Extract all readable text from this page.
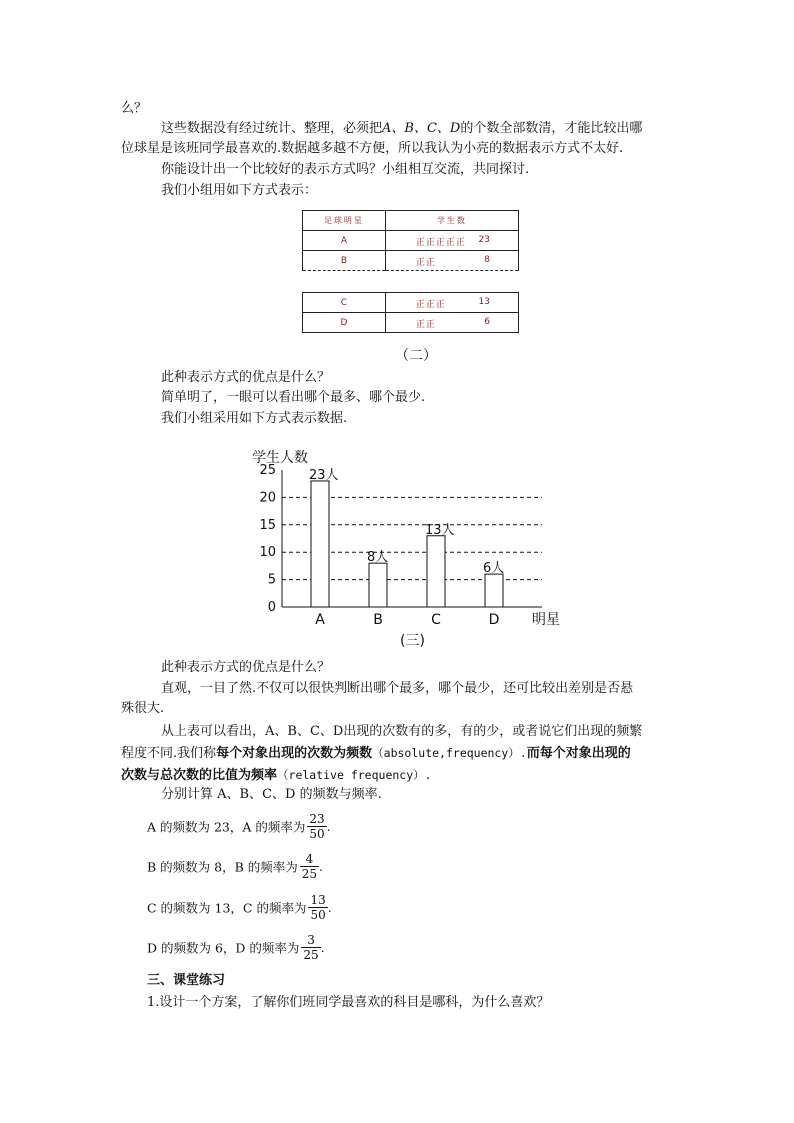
么？
这些数据没有经过统计、整理，必须把A、B、C、D的个数全部数清，才能比较出哪
位球星是该班同学最喜欢的.数据越多越不方便，所以我认为小亮的数据表示方式不太好.
你能设计出一个比较好的表示方式吗？小组相互交流，共同探讨.
我们小组用如下方式表示：
足球明星	学生数
A	正正正正正 23

B	正正 8
C	正正正 13

D	正正 6
（二）
此种表示方式的优点是什么？
简单明了，一眼可以看出哪个最多、哪个最少.
我们小组采用如下方式表示数据.
学生人数
明星
(三)
0
5
10
15
20
25	23人
A
8人
B
13人
C
6人
D
此种表示方式的优点是什么？
直观，一目了然.不仅可以很快判断出哪个最多，哪个最少，还可比较出差别是否悬
殊很大.
从上表可以看出，A、B、C、D出现的次数有的多，有的少，或者说它们出现的频繁
程度不同.我们称每个对象出现的次数为频数（absolute,frequency）.而每个对象出现的
次数与总次数的比值为频率（relative frequency）.
分别计算 A、B、C、D 的频数与频率.
A 的频数为 23，A 的频率为 $\frac{23}{50}$ .
B 的频数为 8，B 的频率为 $\frac{4}{25}$ .
C 的频数为 13，C 的频率为 $\frac{13}{50}$ .
D 的频数为 6，D 的频率为 $\frac{3}{25}$ .
三、课堂练习
1.设计一个方案，了解你们班同学最喜欢的科目是哪科，为什么喜欢？
